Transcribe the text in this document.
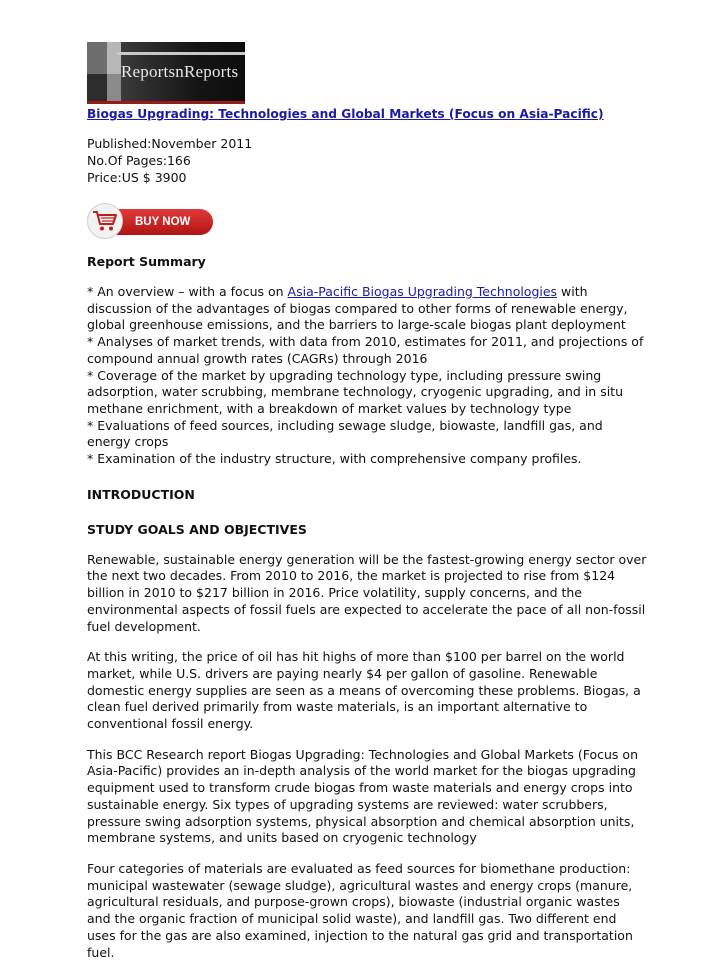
ReportsnReports
Biogas Upgrading: Technologies and Global Markets (Focus on Asia-Pacific)
Published:November 2011
No.Of Pages:166
Price:US $ 3900
BUY NOW
Report Summary

* An overview – with a focus on Asia-Pacific Biogas Upgrading Technologies with discussion of the advantages of biogas compared to other forms of renewable energy, global greenhouse emissions, and the barriers to large-scale biogas plant deployment

* Analyses of market trends, with data from 2010, estimates for 2011, and projections of compound annual growth rates (CAGRs) through 2016

* Coverage of the market by upgrading technology type, including pressure swing adsorption, water scrubbing, membrane technology, cryogenic upgrading, and in situ methane enrichment, with a breakdown of market values by technology type

* Evaluations of feed sources, including sewage sludge, biowaste, landfill gas, and energy crops

* Examination of the industry structure, with comprehensive company profiles.

INTRODUCTION
STUDY GOALS AND OBJECTIVES

Renewable, sustainable energy generation will be the fastest-growing energy sector over the next two decades. From 2010 to 2016, the market is projected to rise from $124 billion in 2010 to $217 billion in 2016. Price volatility, supply concerns, and the environmental aspects of fossil fuels are expected to accelerate the pace of all non-fossil fuel development.

At this writing, the price of oil has hit highs of more than $100 per barrel on the world market, while U.S. drivers are paying nearly $4 per gallon of gasoline. Renewable domestic energy supplies are seen as a means of overcoming these problems. Biogas, a clean fuel derived primarily from waste materials, is an important alternative to conventional fossil energy.

This BCC Research report Biogas Upgrading: Technologies and Global Markets (Focus on Asia-Pacific) provides an in-depth analysis of the world market for the biogas upgrading equipment used to transform crude biogas from waste materials and energy crops into sustainable energy. Six types of upgrading systems are reviewed: water scrubbers, pressure swing adsorption systems, physical absorption and chemical absorption units, membrane systems, and units based on cryogenic technology

Four categories of materials are evaluated as feed sources for biomethane production: municipal wastewater (sewage sludge), agricultural wastes and energy crops (manure, agricultural residuals, and purpose-grown crops), biowaste (industrial organic wastes and the organic fraction of municipal solid waste), and landfill gas. Two different end uses for the gas are also examined, injection to the natural gas grid and transportation fuel.
